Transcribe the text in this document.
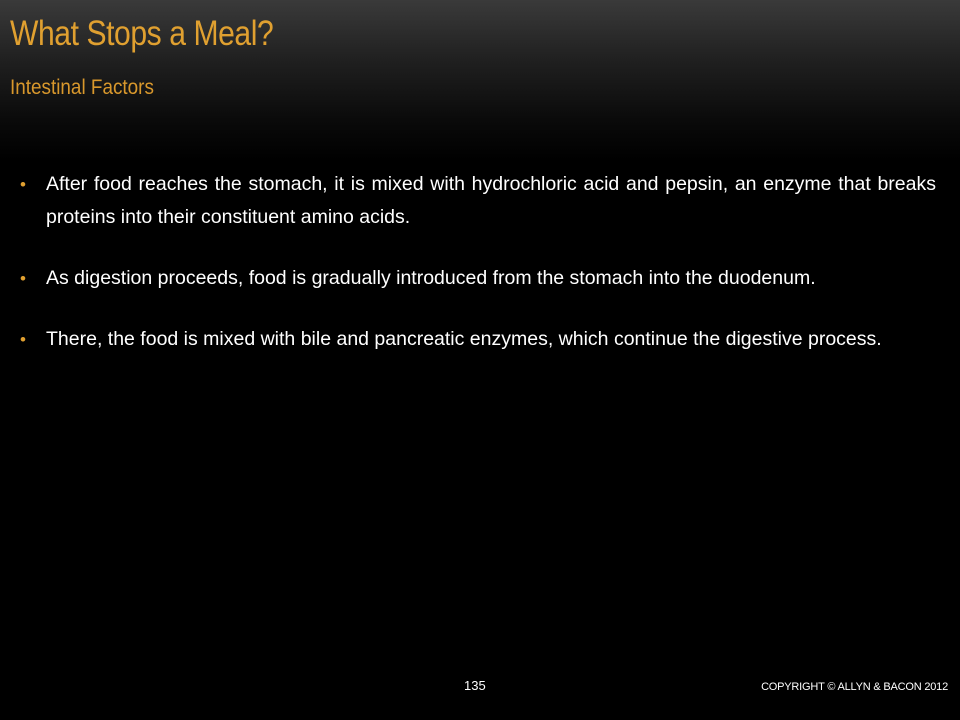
What Stops a Meal?
Intestinal Factors
• After food reaches the stomach, it is mixed with hydrochloric acid and pepsin, an enzyme that breaks proteins into their constituent amino acids.
• As digestion proceeds, food is gradually introduced from the stomach into the duodenum.
• There, the food is mixed with bile and pancreatic enzymes, which continue the digestive process.
135	COPYRIGHT © ALLYN & BACON 2012
